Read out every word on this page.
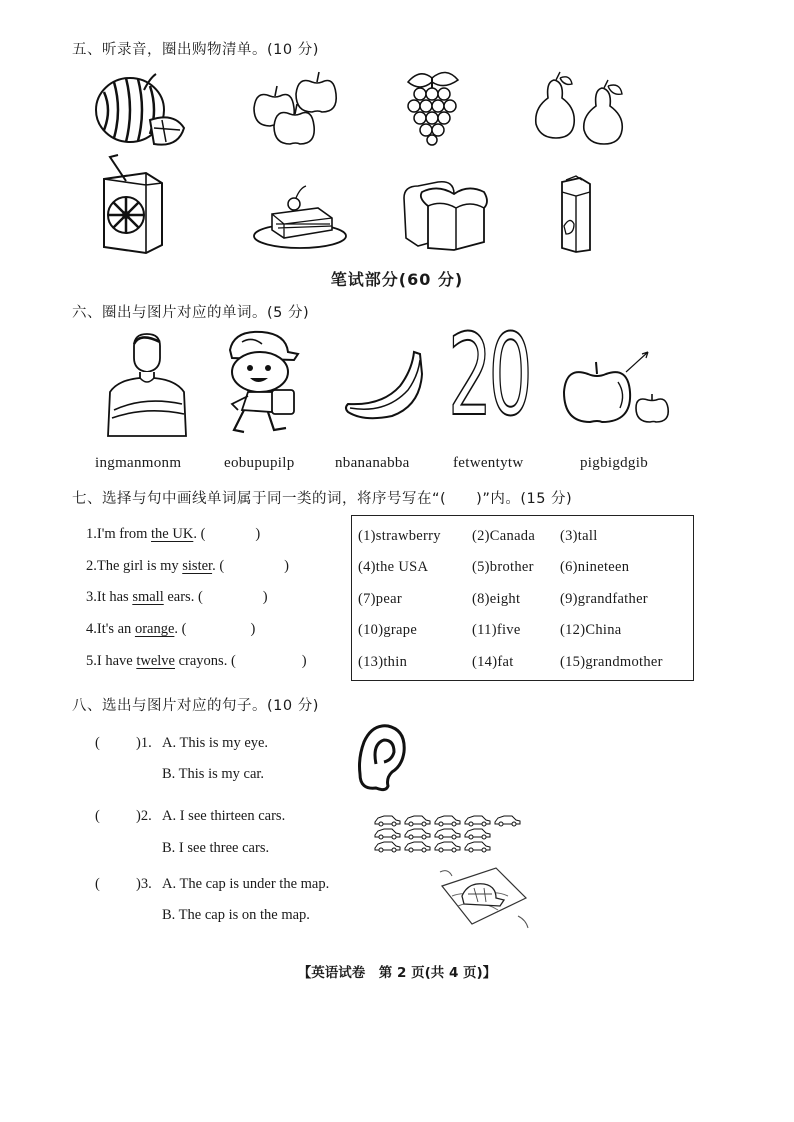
五、听录音，圈出购物清单。(10 分)
笔试部分(60 分)
六、圈出与图片对应的单词。(5 分) 20
ingmanmonm	eobupupilp	nbananabba	fetwentytw	pigbigdgib
七、选择与句中画线单词属于同一类的词，将序号写在“(　　)”内。(15 分)
1.I'm from the UK. (	)
2.The girl is my sister. (	)
3.It has small ears. (	)
4.It's an orange. (	)
5.I have twelve crayons. (	)
(1)strawberry (2)Canada (3)tall
(4)the USA	(5)brother (6)nineteen
(7)pear	(8)eight	(9)grandfather
(10)grape	(11)five	(12)China
(13)thin	(14)fat	(15)grandmother
八、选出与图片对应的句子。(10 分)
( )1. A. This is my eye.
B. This is my car.
( )2. A. I see thirteen cars.
B. I see three cars.
( )3. A. The cap is under the map.
B. The cap is on the map.
【英语试卷　第 2 页(共 4 页)】
